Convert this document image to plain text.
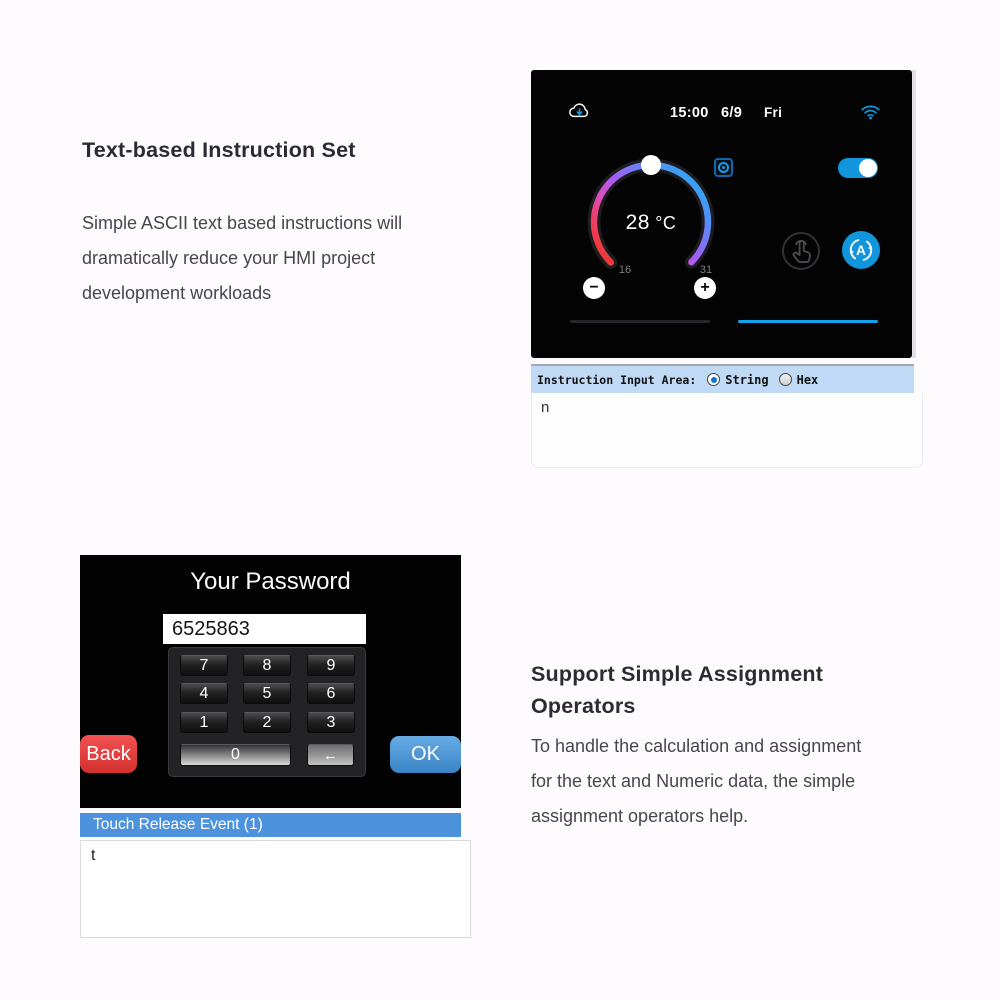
Text-based Instruction Set
Simple ASCII text based instructions will
dramatically reduce your HMI project
development workloads
15:00 6/9 Fri
28 °C
16	31
−	+
A
Instruction Input Area: String Hex
n
Your Password
6525863
7	8	9
4	5	6
1	2	3
0	←
Back	OK
Touch Release Event (1)
t
Support Simple Assignment
Operators
To handle the calculation and assignment
for the text and Numeric data, the simple
assignment operators help.
